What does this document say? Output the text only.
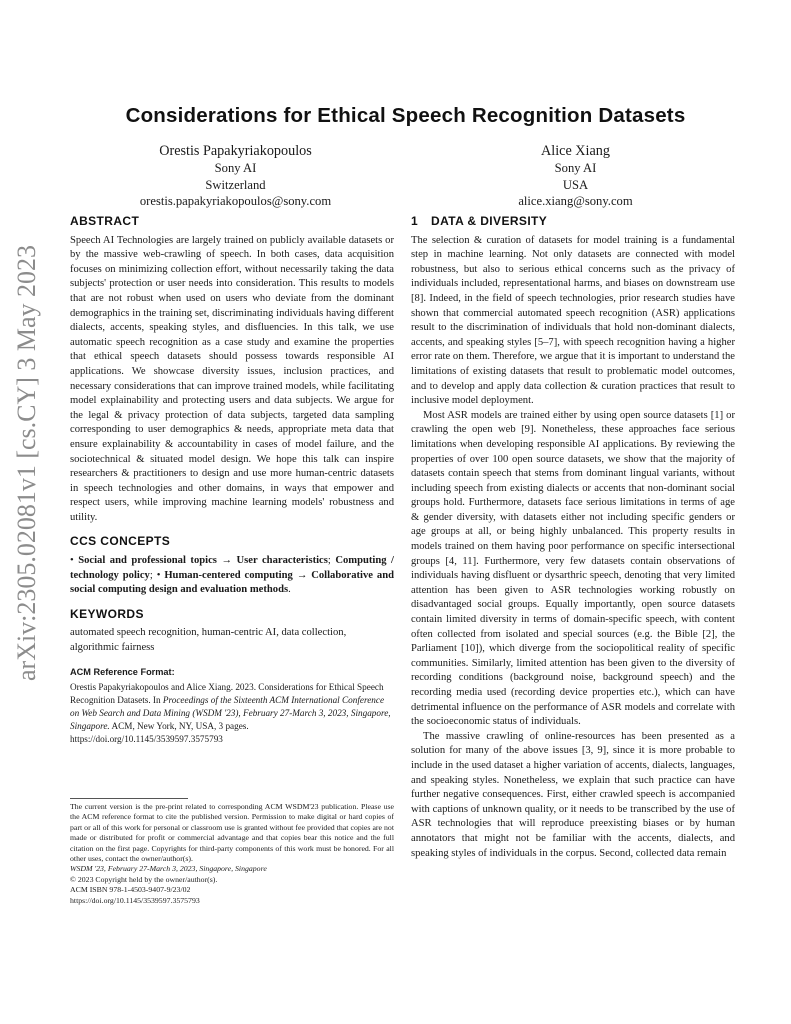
arXiv:2305.02081v1 [cs.CY] 3 May 2023
Considerations for Ethical Speech Recognition Datasets
Orestis Papakyriakopoulos
Sony AI
Switzerland
orestis.papakyriakopoulos@sony.com
Alice Xiang
Sony AI
USA
alice.xiang@sony.com
ABSTRACT

Speech AI Technologies are largely trained on publicly available datasets or by the massive web-crawling of speech. In both cases, data acquisition focuses on minimizing collection effort, without necessarily taking the data subjects' protection or user needs into consideration. This results to models that are not robust when used on users who deviate from the dominant demographics in the training set, discriminating individuals having different dialects, accents, speaking styles, and disfluencies. In this talk, we use automatic speech recognition as a case study and examine the properties that ethical speech datasets should possess towards responsible AI applications. We showcase diversity issues, inclusion practices, and necessary considerations that can improve trained models, while facilitating model explainability and protecting users and data subjects. We argue for the legal & privacy protection of data subjects, targeted data sampling corresponding to user demographics & needs, appropriate meta data that ensure explainability & accountability in cases of model failure, and the sociotechnical & situated model design. We hope this talk can inspire researchers & practitioners to design and use more human-centric datasets in speech technologies and other domains, in ways that empower and respect users, while improving machine learning models' robustness and utility.

CCS CONCEPTS

• Social and professional topics → User characteristics; Computing / technology policy; • Human-centered computing → Collaborative and social computing design and evaluation methods.

KEYWORDS

automated speech recognition, human-centric AI, data collection, algorithmic fairness

ACM Reference Format:

Orestis Papakyriakopoulos and Alice Xiang. 2023. Considerations for Ethical Speech Recognition Datasets. In Proceedings of the Sixteenth ACM International Conference on Web Search and Data Mining (WSDM '23), February 27-March 3, 2023, Singapore, Singapore. ACM, New York, NY, USA, 3 pages. https://doi.org/10.1145/3539597.3575793

The current version is the pre-print related to corresponding ACM WSDM'23 publication. Please use the ACM reference format to cite the published version. Permission to make digital or hard copies of part or all of this work for personal or classroom use is granted without fee provided that copies are not made or distributed for profit or commercial advantage and that copies bear this notice and the full citation on the first page. Copyrights for third-party components of this work must be honored. For all other uses, contact the owner/author(s).

WSDM '23, February 27-March 3, 2023, Singapore, Singapore

© 2023 Copyright held by the owner/author(s).

ACM ISBN 978-1-4503-9407-9/23/02

https://doi.org/10.1145/3539597.3575793

1 DATA & DIVERSITY

The selection & curation of datasets for model training is a fundamental step in machine learning. Not only datasets are connected with model robustness, but also to serious ethical concerns such as the privacy of individuals included, representational harms, and biases on downstream use [8]. Indeed, in the field of speech technologies, prior research studies have shown that commercial automated speech recognition (ASR) applications result to the discrimination of individuals that hold non-dominant dialects, accents, and speaking styles [5–7], with speech recognition having a higher error rate on them. Therefore, we argue that it is important to understand the limitations of existing datasets that result to problematic model outcomes, and to develop and apply data collection & curation practices that result to inclusive model deployment.

Most ASR models are trained either by using open source datasets [1] or crawling the open web [9]. Nonetheless, these approaches face serious limitations when developing responsible AI applications. By reviewing the properties of over 100 open source datasets, we show that the majority of datasets contain speech that stems from dominant lingual variants, without including speech from existing dialects or accents that non-dominant social groups hold. Furthermore, datasets face serious limitations in terms of age & gender diversity, with datasets either not including specific genders or age groups at all, or being highly unbalanced. This property results in models trained on them having poor performance on specific intersectional groups [4, 11]. Furthermore, very few datasets contain observations of individuals having disfluent or dysarthric speech, denoting that very limited attention has been given to ASR technologies working robustly on disadvantaged social groups. Equally importantly, open source datasets contain limited diversity in terms of domain-specific speech, with content often collected from isolated and special sources (e.g. the Bible [2], the Parliament [10]), which diverge from the sociopolitical reality of specific communities. Similarly, limited attention has been given to the diversity of recording conditions (background noise, background speech) and the recording media used (recording device properties etc.), which can have detrimental influence on the performance of ASR models and correlate with the socioeconomic status of individuals.

The massive crawling of online-resources has been presented as a solution for many of the above issues [3, 9], since it is more probable to include in the used dataset a higher variation of accents, dialects, languages, and speaking styles. Nonetheless, we explain that such practice can have further negative consequences. First, either crawled speech is accompanied with captions of unknown quality, or it needs to be transcribed by the use of ASR technologies that will reproduce preexisting biases or by human annotators that might not be familiar with the accents, dialects, and speaking styles of individuals in the corpus. Second, collected data remain
